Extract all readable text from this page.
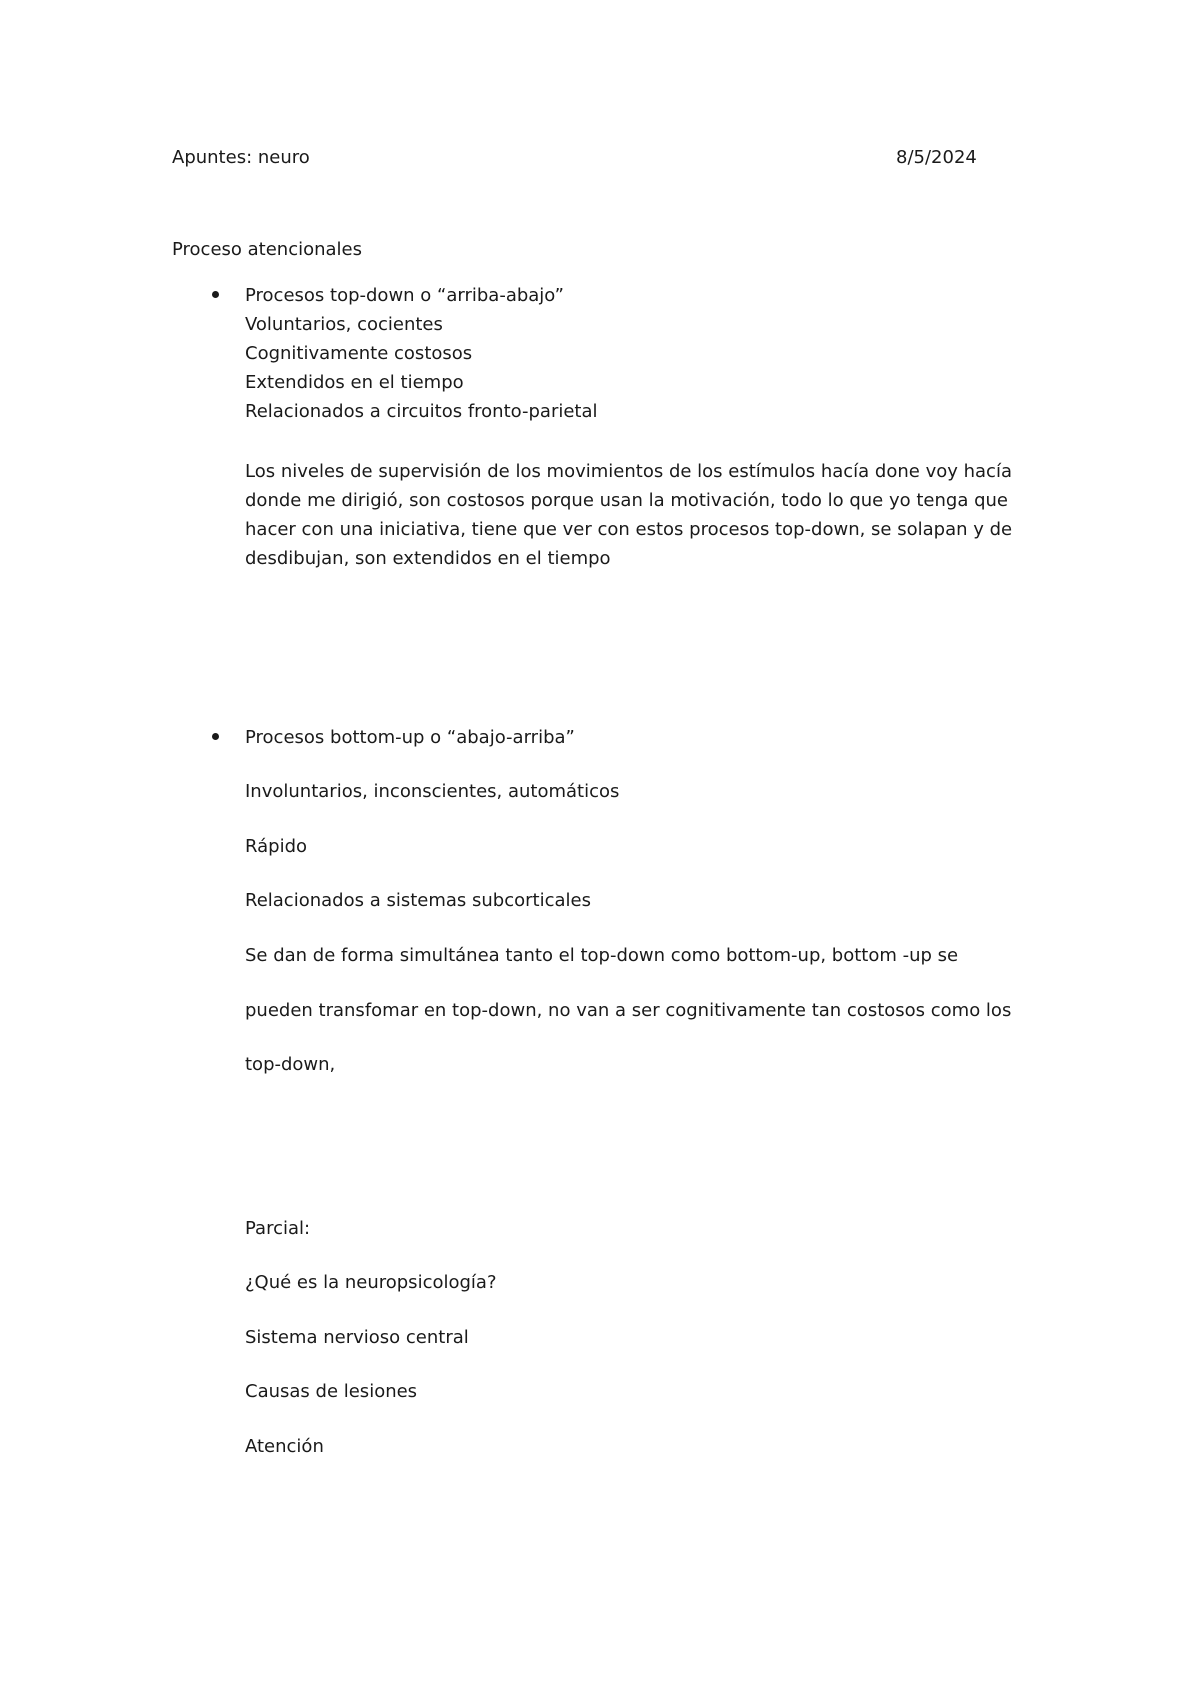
Apuntes: neuro	8/5/2024
Proceso atencionales
Procesos top-down o “arriba-abajo”
Voluntarios, cocientes
Cognitivamente costosos
Extendidos en el tiempo
Relacionados a circuitos fronto-parietal
Los niveles de supervisión de los movimientos de los estímulos hacía done voy hacía
donde me dirigió, son costosos porque usan la motivación, todo lo que yo tenga que
hacer con una iniciativa, tiene que ver con estos procesos top-down, se solapan y de
desdibujan, son extendidos en el tiempo
Procesos bottom-up o “abajo-arriba”
Involuntarios, inconscientes, automáticos
Rápido
Relacionados a sistemas subcorticales
Se dan de forma simultánea tanto el top-down como bottom-up, bottom -up se
pueden transfomar en top-down, no van a ser cognitivamente tan costosos como los
top-down,
Parcial:
¿Qué es la neuropsicología?
Sistema nervioso central
Causas de lesiones
Atención
